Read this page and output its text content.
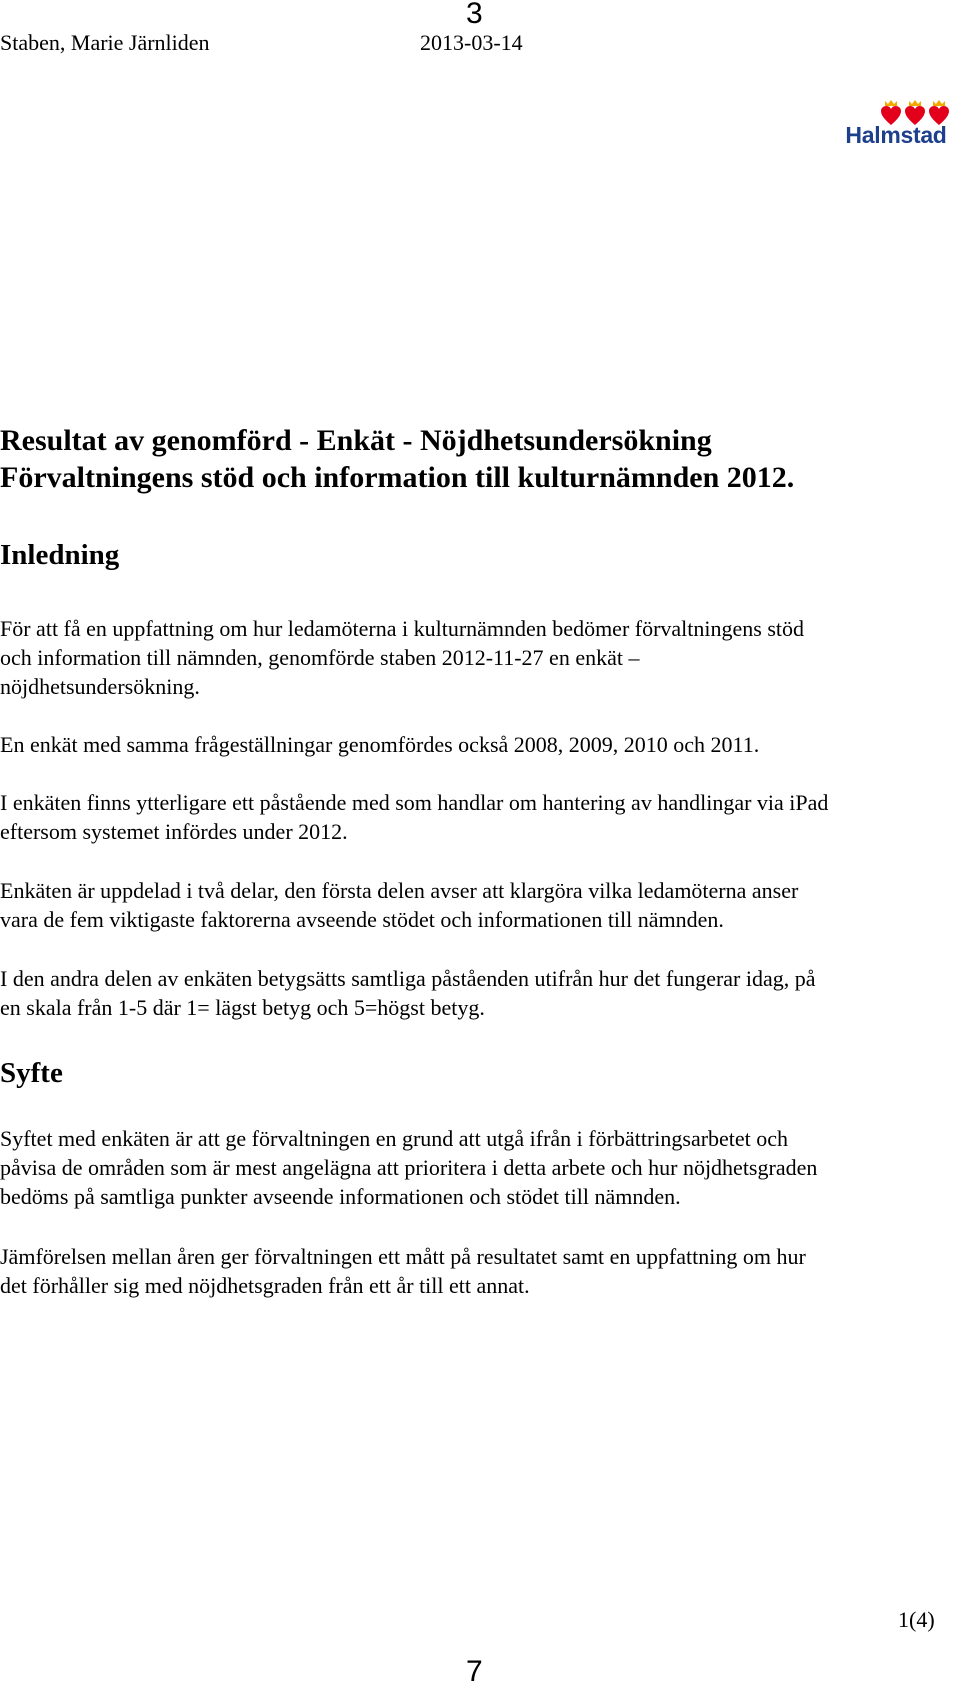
3
Staben, Marie Järnliden	2013-03-14
Halmstad
Resultat av genomförd - Enkät - Nöjdhetsundersökning
Förvaltningens stöd och information till kulturnämnden 2012.
Inledning

För att få en uppfattning om hur ledamöterna i kulturnämnden bedömer förvaltningens stöd
och information till nämnden, genomförde staben 2012-11-27 en enkät –
nöjdhetsundersökning.

En enkät med samma frågeställningar genomfördes också 2008, 2009, 2010 och 2011.

I enkäten finns ytterligare ett påstående med som handlar om hantering av handlingar via iPad
eftersom systemet infördes under 2012.

Enkäten är uppdelad i två delar, den första delen avser att klargöra vilka ledamöterna anser
vara de fem viktigaste faktorerna avseende stödet och informationen till nämnden.

I den andra delen av enkäten betygsätts samtliga påståenden utifrån hur det fungerar idag, på
en skala från 1-5 där 1= lägst betyg och 5=högst betyg.

Syfte

Syftet med enkäten är att ge förvaltningen en grund att utgå ifrån i förbättringsarbetet och
påvisa de områden som är mest angelägna att prioritera i detta arbete och hur nöjdhetsgraden
bedöms på samtliga punkter avseende informationen och stödet till nämnden.

Jämförelsen mellan åren ger förvaltningen ett mått på resultatet samt en uppfattning om hur
det förhåller sig med nöjdhetsgraden från ett år till ett annat.

1(4)
7
